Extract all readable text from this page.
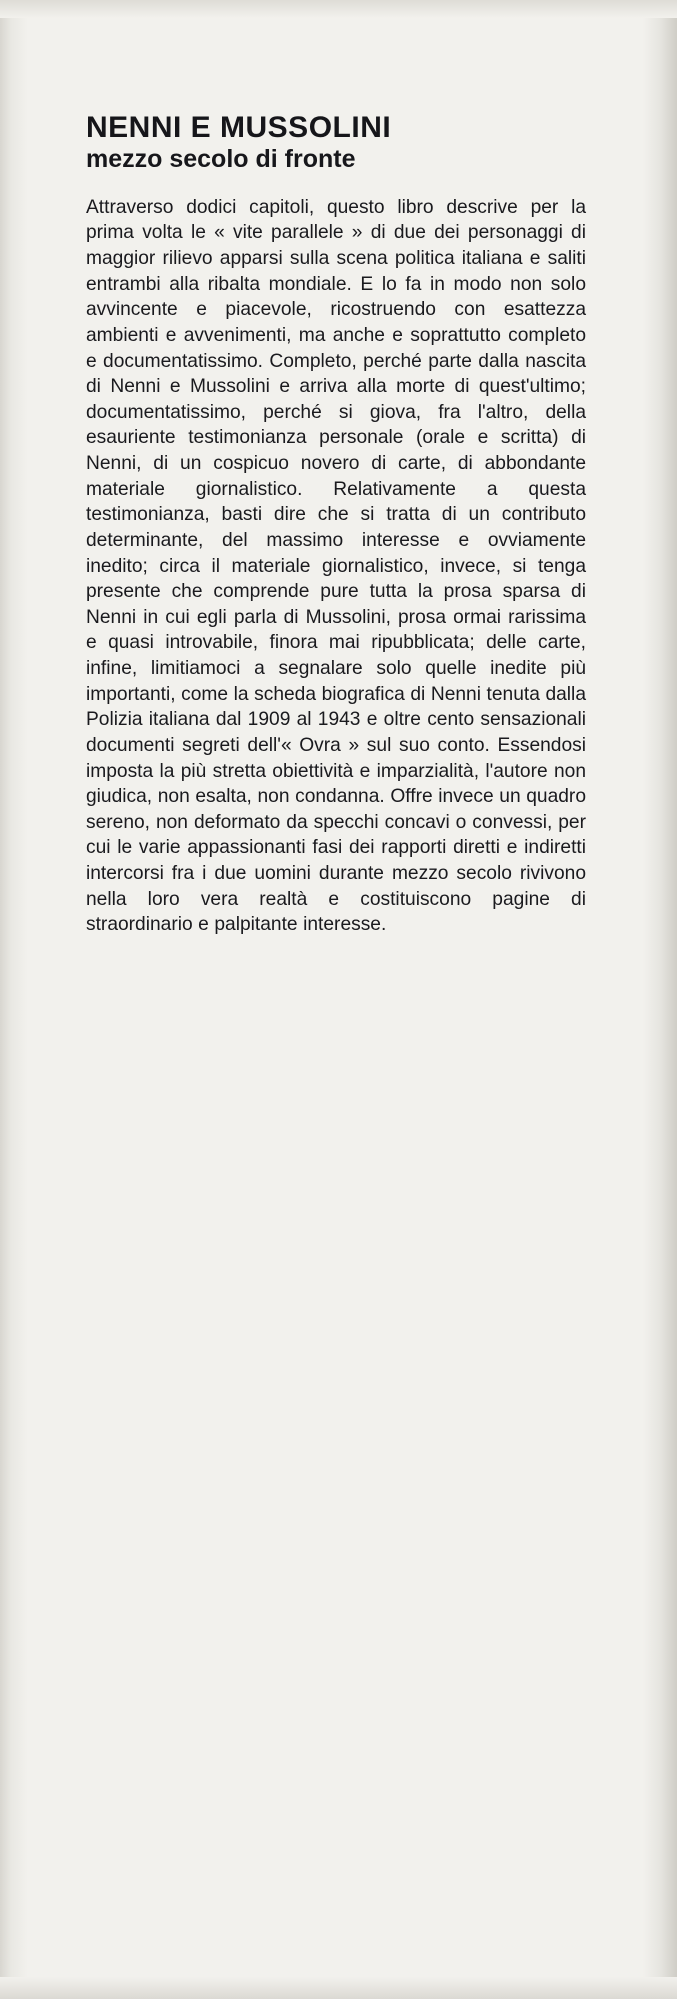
NENNI E MUSSOLINI
mezzo secolo di fronte

Attraverso dodici capitoli, questo libro descrive per la prima volta le « vite parallele » di due dei personaggi di maggior rilievo apparsi sulla scena politica italiana e saliti entrambi alla ribalta mondiale. E lo fa in modo non solo avvincente e piacevole, ricostruendo con esattezza ambienti e avvenimenti, ma anche e soprattutto completo e documentatissimo. Completo, perché parte dalla nascita di Nenni e Mussolini e arriva alla morte di quest'ultimo; documentatissimo, perché si giova, fra l'altro, della esauriente testimonianza personale (orale e scritta) di Nenni, di un cospicuo novero di carte, di abbondante materiale giornalistico. Relativamente a questa testimonianza, basti dire che si tratta di un contributo determinante, del massimo interesse e ovviamente inedito; circa il materiale giornalistico, invece, si tenga presente che comprende pure tutta la prosa sparsa di Nenni in cui egli parla di Mussolini, prosa ormai rarissima e quasi introvabile, finora mai ripubblicata; delle carte, infine, limitiamoci a segnalare solo quelle inedite più importanti, come la scheda biografica di Nenni tenuta dalla Polizia italiana dal 1909 al 1943 e oltre cento sensazionali documenti segreti dell'« Ovra » sul suo conto. Essendosi imposta la più stretta obiettività e imparzialità, l'autore non giudica, non esalta, non condanna. Offre invece un quadro sereno, non deformato da specchi concavi o convessi, per cui le varie appassionanti fasi dei rapporti diretti e indiretti intercorsi fra i due uomini durante mezzo secolo rivivono nella loro vera realtà e costituiscono pagine di straordinario e palpitante interesse.
